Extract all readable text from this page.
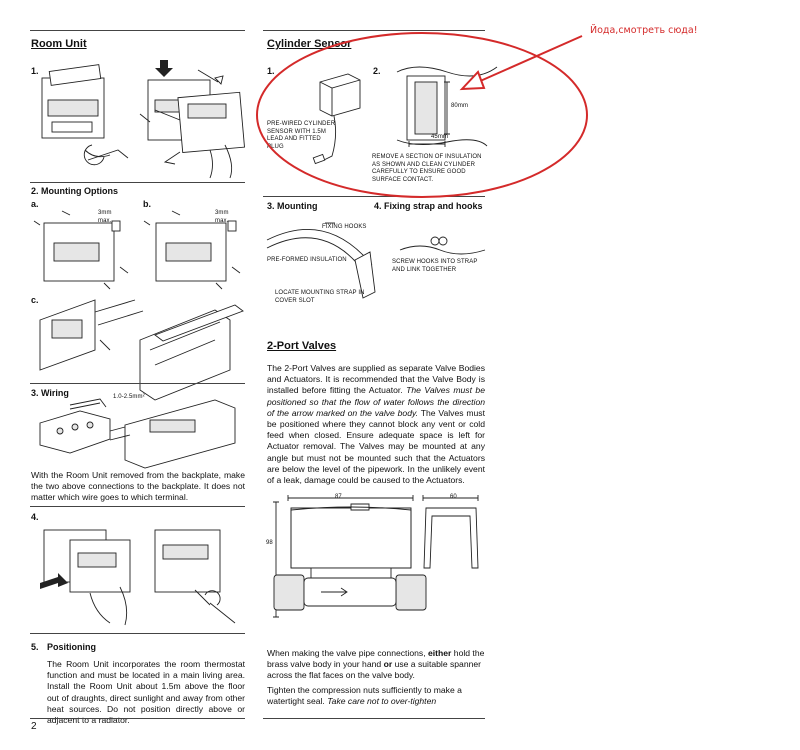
Room Unit
1.
2. Mounting Options
a.	b.
3mm max.
3mm max.
c.
3. Wiring	1.0-2.5mm²
With the Room Unit removed from the backplate, make the two above connections to the backplate. It does not matter which wire goes to which terminal.
4.
5. Positioning
The Room Unit incorporates the room thermostat function and must be located in a main living area. Install the Room Unit about 1.5m above the floor out of draughts, direct sunlight and away from other heat sources. Do not position directly above or adjacent to a radiator.
2
Cylinder Sensor
1.	2.
PRE-WIRED CYLINDER SENSOR WITH 1.5M LEAD AND FITTED PLUG
80mm
45mm
REMOVE A SECTION OF INSULATION AS SHOWN AND CLEAN CYLINDER CAREFULLY TO ENSURE GOOD SURFACE CONTACT.
3. Mounting	4. Fixing strap and hooks
FIXING HOOKS
PRE-FORMED INSULATION
LOCATE MOUNTING STRAP IN COVER SLOT
SCREW HOOKS INTO STRAP AND LINK TOGETHER
2-Port Valves
The 2-Port Valves are supplied as separate Valve Bodies and Actuators. It is recommended that the Valve Body is installed before fitting the Actuator. The Valves must be positioned so that the flow of water follows the direction of the arrow marked on the valve body. The Valves must be positioned where they cannot block any vent or cold feed when closed. Ensure adequate space is left for Actuator removal. The Valves may be mounted at any angle but must not be mounted such that the Actuators are below the level of the pipework. In the unlikely event of a leak, damage could be caused to the Actuators.
87	60
98
When making the valve pipe connections, either hold the brass valve body in your hand or use a suitable spanner across the flat faces on the valve body.
Tighten the compression nuts sufficiently to make a watertight seal. Take care not to over-tighten
Йода,смотреть сюда!
